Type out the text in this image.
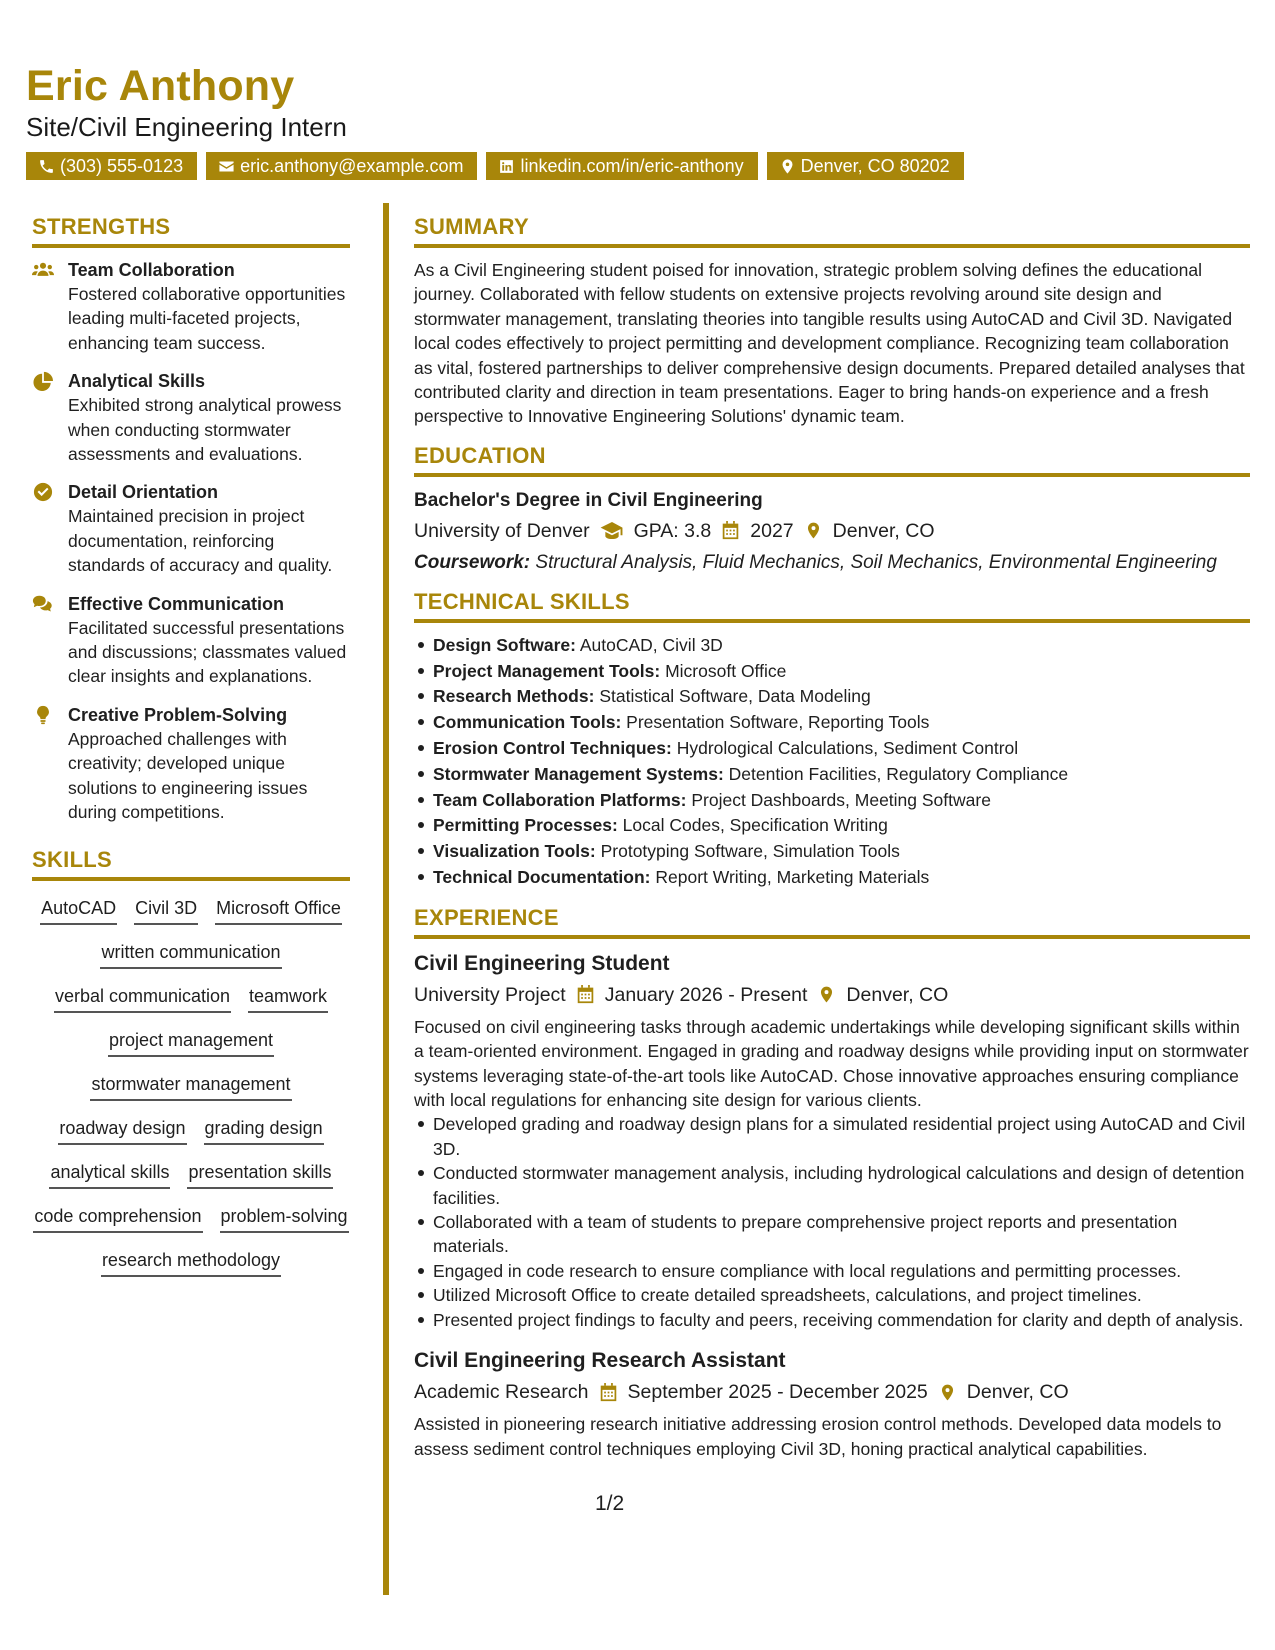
Eric Anthony
Site/Civil Engineering Intern
(303) 555-0123	eric.anthony@example.com	linkedin.com/in/eric-anthony	Denver, CO 80202
STRENGTHS
Team Collaboration
Fostered collaborative opportunities leading multi-faceted projects, enhancing team success.
Analytical Skills
Exhibited strong analytical prowess when conducting stormwater assessments and evaluations.
Detail Orientation
Maintained precision in project documentation, reinforcing standards of accuracy and quality.
Effective Communication
Facilitated successful presentations and discussions; classmates valued clear insights and explanations.
Creative Problem-Solving
Approached challenges with creativity; developed unique solutions to engineering issues during competitions.
SKILLS
AutoCAD Civil 3D Microsoft Office
written communication
verbal communication teamwork
project management
stormwater management
roadway design grading design
analytical skills presentation skills
code comprehension problem-solving
research methodology
SUMMARY

As a Civil Engineering student poised for innovation, strategic problem solving defines the educational journey. Collaborated with fellow students on extensive projects revolving around site design and stormwater management, translating theories into tangible results using AutoCAD and Civil 3D. Navigated local codes effectively to project permitting and development compliance. Recognizing team collaboration as vital, fostered partnerships to deliver comprehensive design documents. Prepared detailed analyses that contributed clarity and direction in team presentations. Eager to bring hands-on experience and a fresh perspective to Innovative Engineering Solutions' dynamic team.

EDUCATION
Bachelor's Degree in Civil Engineering
University of Denver GPA: 3.8 2027 Denver, CO
Coursework: Structural Analysis, Fluid Mechanics, Soil Mechanics, Environmental Engineering
TECHNICAL SKILLS
Design Software: AutoCAD, Civil 3D
Project Management Tools: Microsoft Office
Research Methods: Statistical Software, Data Modeling
Communication Tools: Presentation Software, Reporting Tools
Erosion Control Techniques: Hydrological Calculations, Sediment Control
Stormwater Management Systems: Detention Facilities, Regulatory Compliance
Team Collaboration Platforms: Project Dashboards, Meeting Software
Permitting Processes: Local Codes, Specification Writing
Visualization Tools: Prototyping Software, Simulation Tools
Technical Documentation: Report Writing, Marketing Materials
EXPERIENCE
Civil Engineering Student
University Project January 2026 - Present Denver, CO

Focused on civil engineering tasks through academic undertakings while developing significant skills within a team-oriented environment. Engaged in grading and roadway designs while providing input on stormwater systems leveraging state-of-the-art tools like AutoCAD. Chose innovative approaches ensuring compliance with local regulations for enhancing site design for various clients.

Developed grading and roadway design plans for a simulated residential project using AutoCAD and Civil 3D.
Conducted stormwater management analysis, including hydrological calculations and design of detention facilities.
Collaborated with a team of students to prepare comprehensive project reports and presentation materials.
Engaged in code research to ensure compliance with local regulations and permitting processes.
Utilized Microsoft Office to create detailed spreadsheets, calculations, and project timelines.
Presented project findings to faculty and peers, receiving commendation for clarity and depth of analysis.
Civil Engineering Research Assistant
Academic Research September 2025 - December 2025 Denver, CO

Assisted in pioneering research initiative addressing erosion control methods. Developed data models to assess sediment control techniques employing Civil 3D, honing practical analytical capabilities.

1/2
